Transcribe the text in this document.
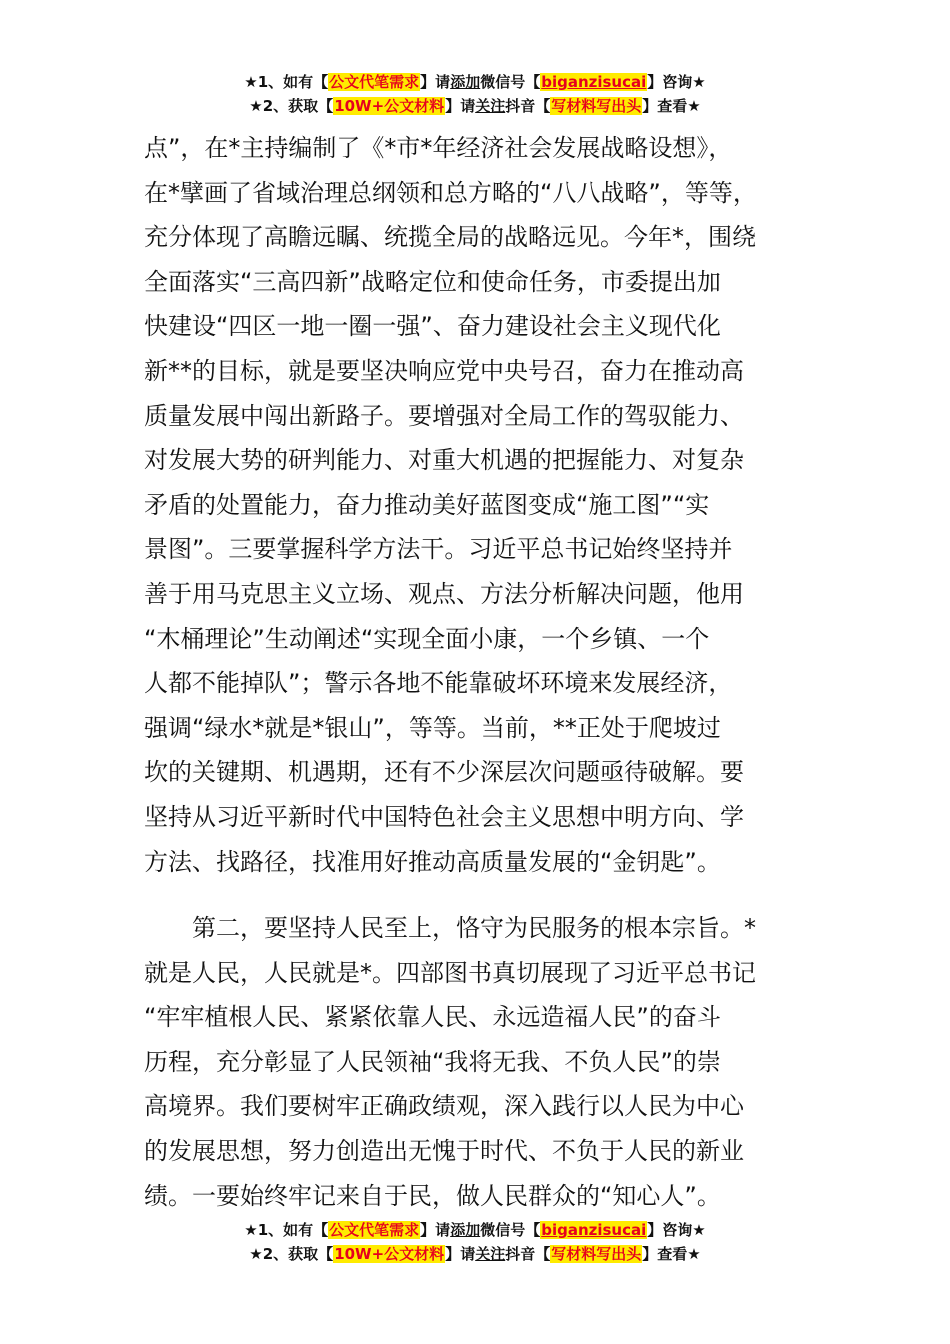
★1、如有【公文代笔需求】请添加微信号【biganzisucai】咨询★
★2、获取【10W+公文材料】请关注抖音【写材料写出头】查看★
点”，在*主持编制了《*市*年经济社会发展战略设想》，
在*擘画了省域治理总纲领和总方略的“八八战略”，等等，
充分体现了高瞻远瞩、统揽全局的战略远见。今年*，围绕
全面落实“三高四新”战略定位和使命任务，市委提出加
快建设“四区一地一圈一强”、奋力建设社会主义现代化
新**的目标，就是要坚决响应党中央号召，奋力在推动高
质量发展中闯出新路子。要增强对全局工作的驾驭能力、
对发展大势的研判能力、对重大机遇的把握能力、对复杂
矛盾的处置能力，奋力推动美好蓝图变成“施工图”“实
景图”。三要掌握科学方法干。习近平总书记始终坚持并
善于用马克思主义立场、观点、方法分析解决问题，他用
“木桶理论”生动阐述“实现全面小康，一个乡镇、一个
人都不能掉队”；警示各地不能靠破坏环境来发展经济，
强调“绿水*就是*银山”，等等。当前，**正处于爬坡过
坎的关键期、机遇期，还有不少深层次问题亟待破解。要
坚持从习近平新时代中国特色社会主义思想中明方向、学
方法、找路径，找准用好推动高质量发展的“金钥匙”。
第二，要坚持人民至上，恪守为民服务的根本宗旨。*
就是人民，人民就是*。四部图书真切展现了习近平总书记
“牢牢植根人民、紧紧依靠人民、永远造福人民”的奋斗
历程，充分彰显了人民领袖“我将无我、不负人民”的崇
高境界。我们要树牢正确政绩观，深入践行以人民为中心
的发展思想，努力创造出无愧于时代、不负于人民的新业
绩。一要始终牢记来自于民，做人民群众的“知心人”。
★1、如有【公文代笔需求】请添加微信号【biganzisucai】咨询★
★2、获取【10W+公文材料】请关注抖音【写材料写出头】查看★
